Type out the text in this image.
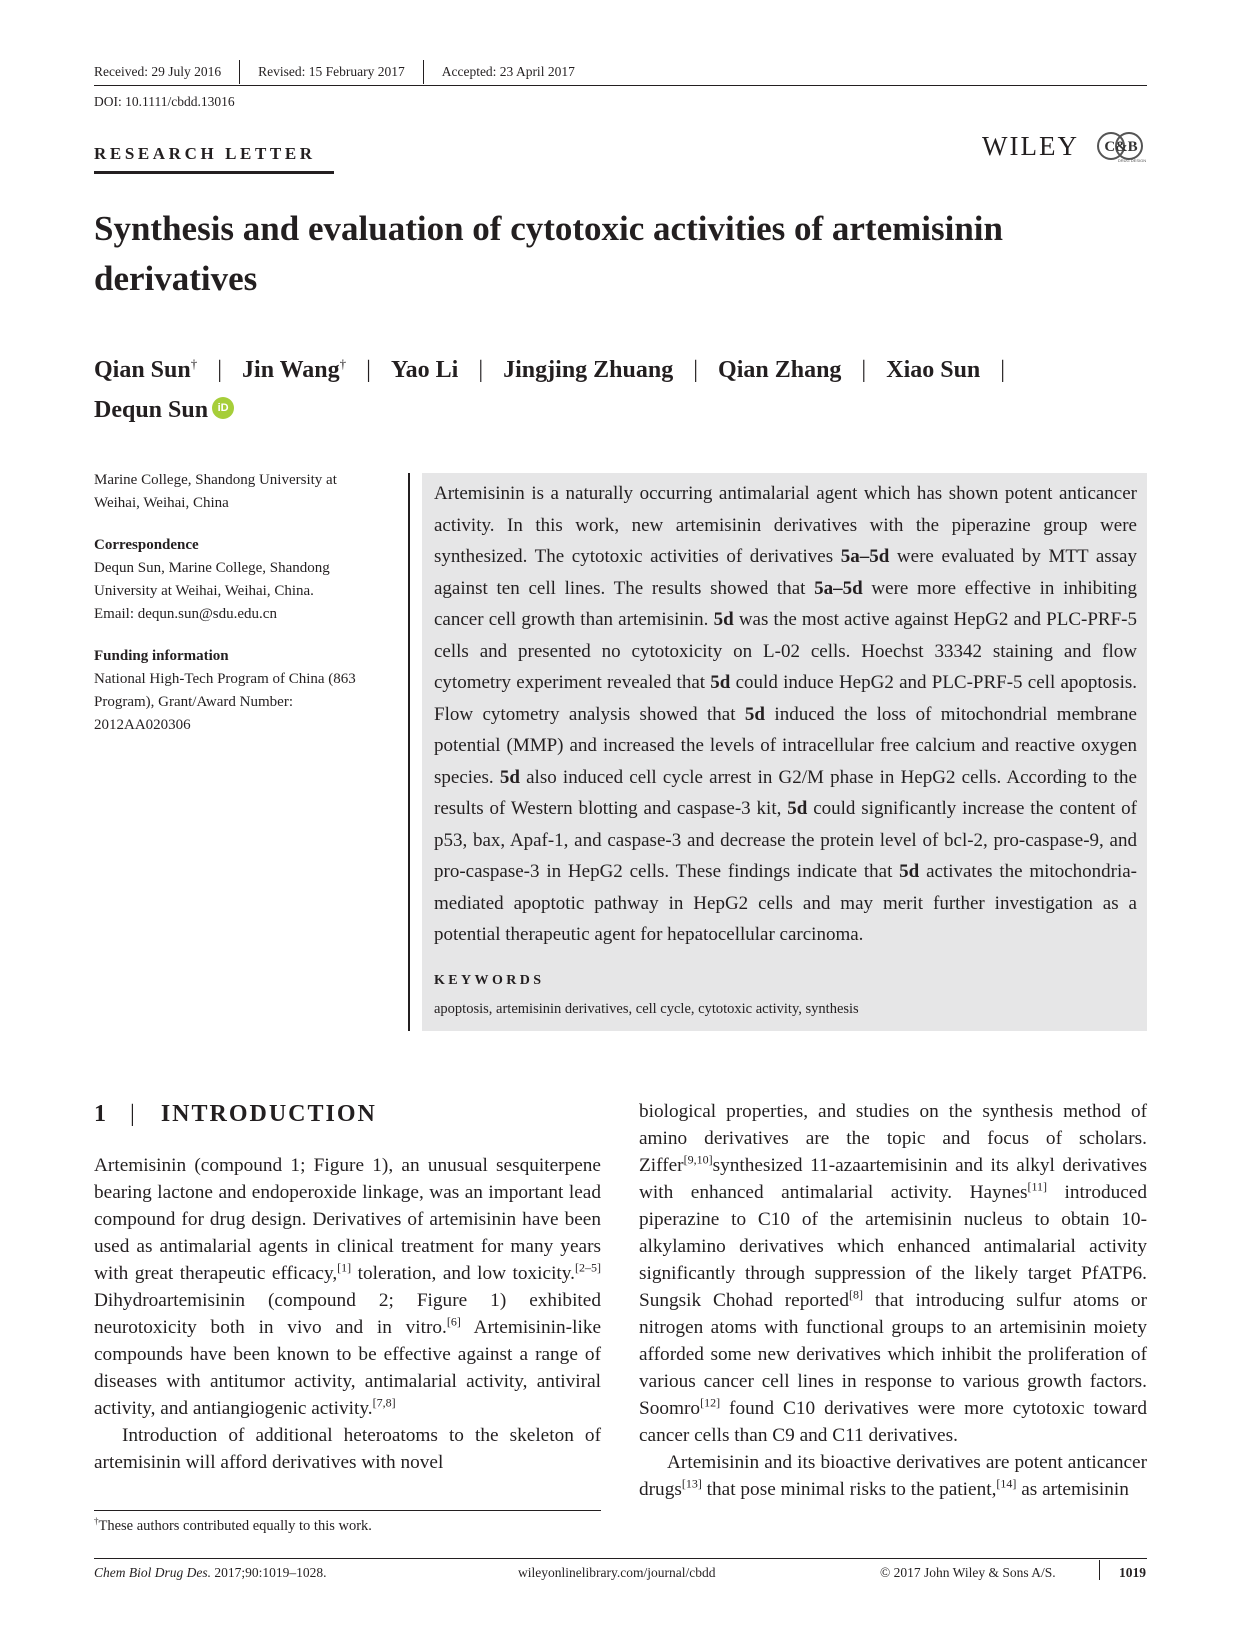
Received: 29 July 2016	Revised: 15 February 2017	Accepted: 23 April 2017
DOI: 10.1111/cbdd.13016
RESEARCH LETTER	WILEY C&B
DRUG DESIGN
Synthesis and evaluation of cytotoxic activities of artemisinin derivatives
Qian Sun† | Jin Wang† | Yao Li | Jingjing Zhuang | Qian Zhang | Xiao Sun |
Dequn Sun iD

Marine College, Shandong University at Weihai, Weihai, China

Correspondence
Dequn Sun, Marine College, Shandong University at Weihai, Weihai, China.
Email: dequn.sun@sdu.edu.cn

Funding information
National High-Tech Program of China (863 Program), Grant/Award Number: 2012AA020306

Artemisinin is a naturally occurring antimalarial agent which has shown potent anticancer activity. In this work, new artemisinin derivatives with the piperazine group were synthesized. The cytotoxic activities of derivatives 5a–5d were evaluated by MTT assay against ten cell lines. The results showed that 5a–5d were more effective in inhibiting cancer cell growth than artemisinin. 5d was the most active against HepG2 and PLC-PRF-5 cells and presented no cytotoxicity on L-02 cells. Hoechst 33342 staining and flow cytometry experiment revealed that 5d could induce HepG2 and PLC-PRF-5 cell apoptosis. Flow cytometry analysis showed that 5d induced the loss of mitochondrial membrane potential (MMP) and increased the levels of intracellular free calcium and reactive oxygen species. 5d also induced cell cycle arrest in G2/M phase in HepG2 cells. According to the results of Western blotting and caspase-3 kit, 5d could significantly increase the content of p53, bax, Apaf-1, and caspase-3 and decrease the protein level of bcl-2, pro-caspase-9, and pro-caspase-3 in HepG2 cells. These findings indicate that 5d activates the mitochondria-mediated apoptotic pathway in HepG2 cells and may merit further investigation as a potential therapeutic agent for hepatocellular carcinoma.
KEYWORDS
apoptosis, artemisinin derivatives, cell cycle, cytotoxic activity, synthesis
1 | INTRODUCTION

Artemisinin (compound 1; Figure 1), an unusual sesquiterpene bearing lactone and endoperoxide linkage, was an important lead compound for drug design. Derivatives of artemisinin have been used as antimalarial agents in clinical treatment for many years with great therapeutic efficacy,[1] toleration, and low toxicity.[2–5] Dihydroartemisinin (compound 2; Figure 1) exhibited neurotoxicity both in vivo and in vitro.[6] Artemisinin-like compounds have been known to be effective against a range of diseases with antitumor activity, antimalarial activity, antiviral activity, and antiangiogenic activity.[7,8]

Introduction of additional heteroatoms to the skeleton of artemisinin will afford derivatives with novel

biological properties, and studies on the synthesis method of amino derivatives are the topic and focus of scholars. Ziffer[9,10]synthesized 11-azaartemisinin and its alkyl derivatives with enhanced antimalarial activity. Haynes[11] introduced piperazine to C10 of the artemisinin nucleus to obtain 10-alkylamino derivatives which enhanced antimalarial activity significantly through suppression of the likely target PfATP6. Sungsik Chohad reported[8] that introducing sulfur atoms or nitrogen atoms with functional groups to an artemisinin moiety afforded some new derivatives which inhibit the proliferation of various cancer cell lines in response to various growth factors. Soomro[12] found C10 derivatives were more cytotoxic toward cancer cells than C9 and C11 derivatives.

Artemisinin and its bioactive derivatives are potent anticancer drugs[13] that pose minimal risks to the patient,[14] as artemisinin

†These authors contributed equally to this work.
Chem Biol Drug Des. 2017;90:1019–1028.	wileyonlinelibrary.com/journal/cbdd	© 2017 John Wiley & Sons A/S.	1019
